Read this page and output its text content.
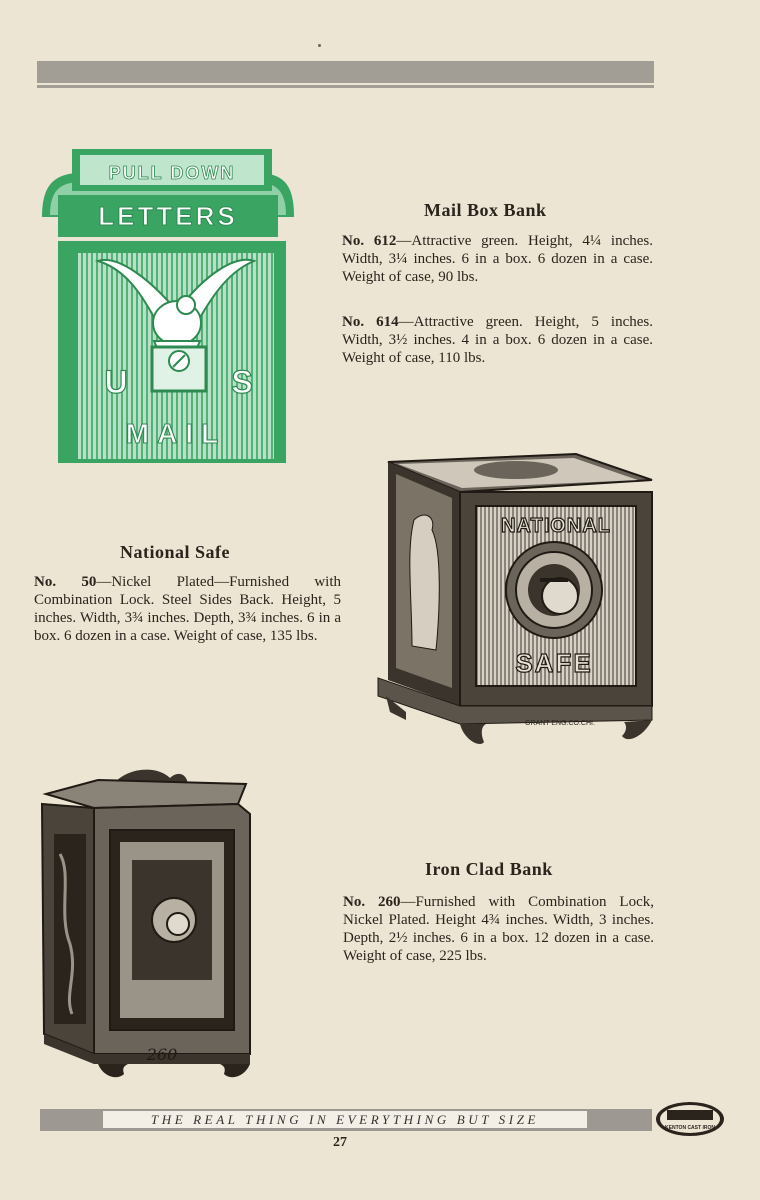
PULL DOWN
LETTERS
U	S
MAIL
Mail Box Bank
No. 612—Attractive green. Height, 4¼ inches. Width, 3¼ inches. 6 in a box. 6 dozen in a case. Weight of case, 90 lbs.
No. 614—Attractive green. Height, 5 inches. Width, 3½ inches. 4 in a box. 6 dozen in a case. Weight of case, 110 lbs.
National Safe
No. 50—Nickel Plated—Furnished with Combination Lock. Steel Sides Back. Height, 5 inches. Width, 3¾ inches. Depth, 3¾ inches. 6 in a box. 6 dozen in a case. Weight of case, 135 lbs.
NATIONAL
SAFE
GRANT ENG.CO.CHI.
260
Iron Clad Bank
No. 260—Furnished with Combination Lock, Nickel Plated. Height 4¾ inches. Width, 3 inches. Depth, 2½ inches. 6 in a box. 12 dozen in a case. Weight of case, 225 lbs.
THE REAL THING IN EVERYTHING BUT SIZE
27
KENTON CAST IRON
